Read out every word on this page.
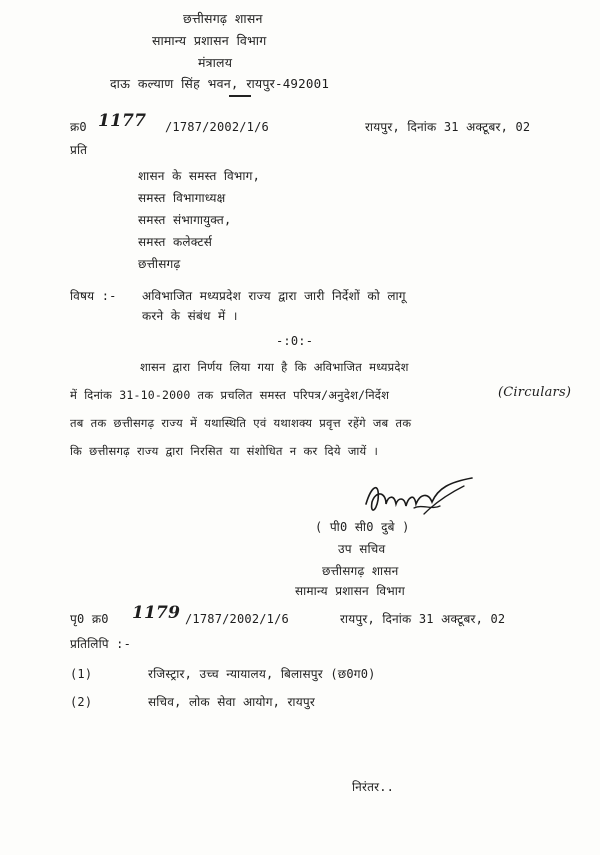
छत्तीसगढ़ शासन
सामान्य प्रशासन विभाग
मंत्रालय
दाऊ कल्याण सिंह भवन, रायपुर-492001
क्र0 1177 /1787/2002/1/6	रायपुर, दिनांक 31 अक्टूबर, 02
प्रति
शासन के समस्त विभाग,
समस्त विभागाध्यक्ष
समस्त संभागायुक्त,
समस्त कलेक्टर्स
छत्तीसगढ़
विषय :- अविभाजित मध्यप्रदेश राज्य द्वारा जारी निर्देशों को लागू
करने के संबंध में ।
-:0:-
शासन द्वारा निर्णय लिया गया है कि अविभाजित मध्यप्रदेश
में दिनांक 31-10-2000 तक प्रचलित समस्त परिपत्र/अनुदेश/निर्देश	(Circulars)
तब तक छत्तीसगढ़ राज्य में यथास्थिति एवं यथाशक्य प्रवृत्त रहेंगे जब तक
कि छत्तीसगढ़ राज्य द्वारा निरसित या संशोधित न कर दिये जायें ।
( पी0 सी0 दुबे )
उप सचिव
छत्तीसगढ़ शासन
सामान्य प्रशासन विभाग
पृ0 क्र0 1179 /1787/2002/1/6	रायपुर, दिनांक 31 अक्टूबर, 02
प्रतिलिपि :-
(1)	रजिस्ट्रार, उच्च न्यायालय, बिलासपुर (छ0ग0)
(2)	सचिव, लोक सेवा आयोग, रायपुर
निरंतर..
